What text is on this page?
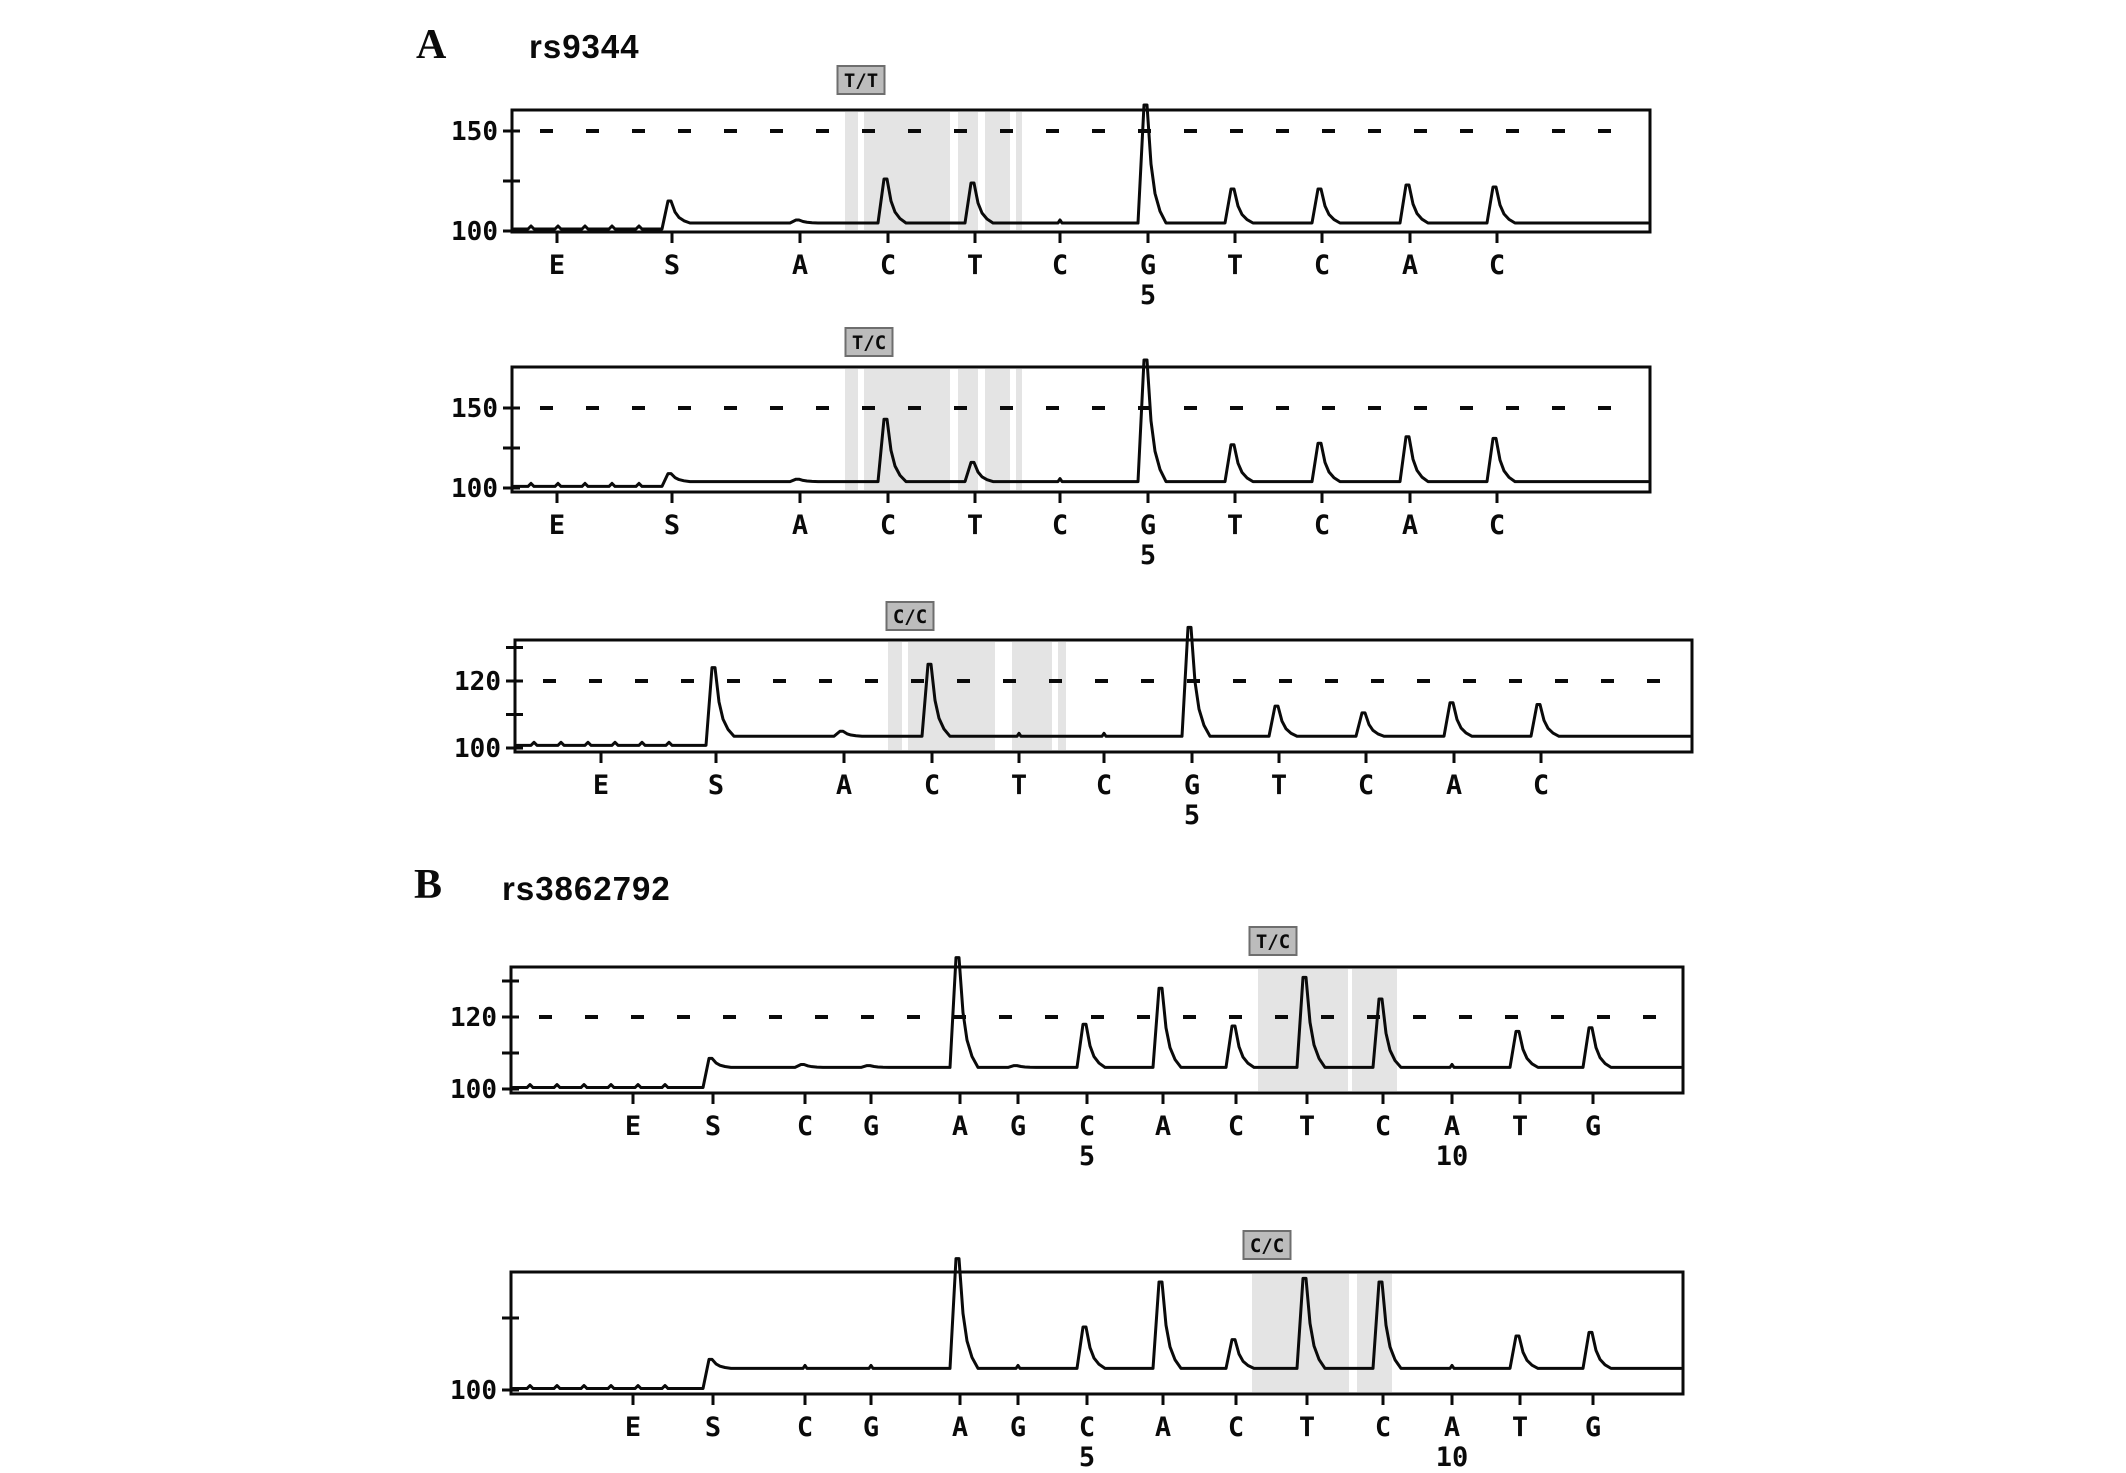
A	rs9344
B rs3862792
150
100
E	S	A	C	T	C	G
5
T	C	A	C
T/T
150
100
E	S	A	C	T	C	G
5
T	C	A	C
T/C
120
100
E	S	A	C	T	C	G
5
T	C	A	C
C/C
120
100
E S	C G	A G C
5
A C T C A
10
T G
T/C
100
E S	C G	A G C
5
A C T C A
10
T G
C/C
